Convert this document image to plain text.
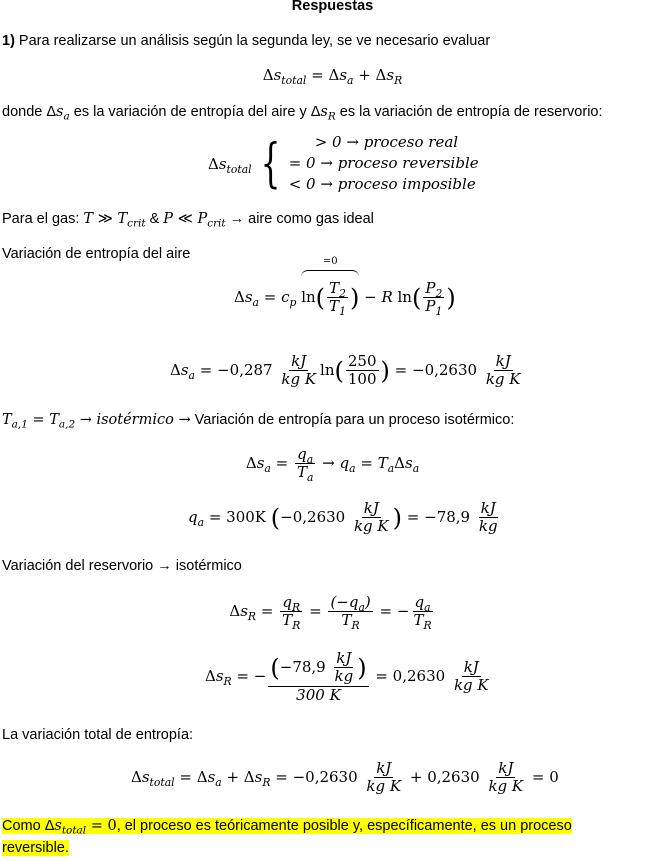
Respuestas
1) Para realizarse un análisis según la segunda ley, se ve necesario evaluar
$\Delta s_{total} = \Delta s_a + \Delta s_R$
donde $\Delta s_a$ es la variación de entropía del aire y $\Delta s_R$ es la variación de entropía de reservorio:
Δ $s_{total}$ {	> 0 → proceso real
= 0 → proceso reversible
< 0 → proceso imposible
Para el gas: T ≫ $T_{crit}$ & P ≪ $P_{crit}$ → aire como gas ideal
Variación de entropía del aire
$\Delta s_a = c_p$
=0
$\ln( \frac{T_2}{T_1}$ ) − R $\ln( \frac{P_2}{P_1}$ )
$\Delta s_a = -0,287 \frac{kJ}{\text{kg K}} \ln( \frac{250}{100}$ ) = $-0,2630 \frac{kJ}{\text{kg K}}$
$T_{a,1} = T_{a,2}$ → isotérmico → Variación de entropía para un proceso isotérmico:
$\Delta s_a = \frac{q_a}{T_a} \to q_a = T_a\Delta s_a$
$q_a = 300K$ ($-0,2630 \frac{kJ}{\text{kg K}}$ ) = $-78,9 \frac{kJ}{kg}$
Variación del reservorio → isotérmico
$\Delta s_R = \frac{q_R}{T_R} = \frac{(-q_a)}{T_R}$ = − $\frac{q_a}{T_R}$
$\Delta s_R$ = − $\frac{(-78,9 \frac{kJ}{kg} )}{300 K} = 0,2630 \frac{kJ}{\text{kg K}}$
La variación total de entropía:
$\Delta s_{total} = \Delta s_a + \Delta s_R = -0,2630 \frac{kJ}{\text{kg K}} + 0,2630 \frac{kJ}{\text{kg K}} = 0$
Como $\Delta s_{total} = 0$, el proceso es teóricamente posible y, específicamente, es un proceso
reversible.
